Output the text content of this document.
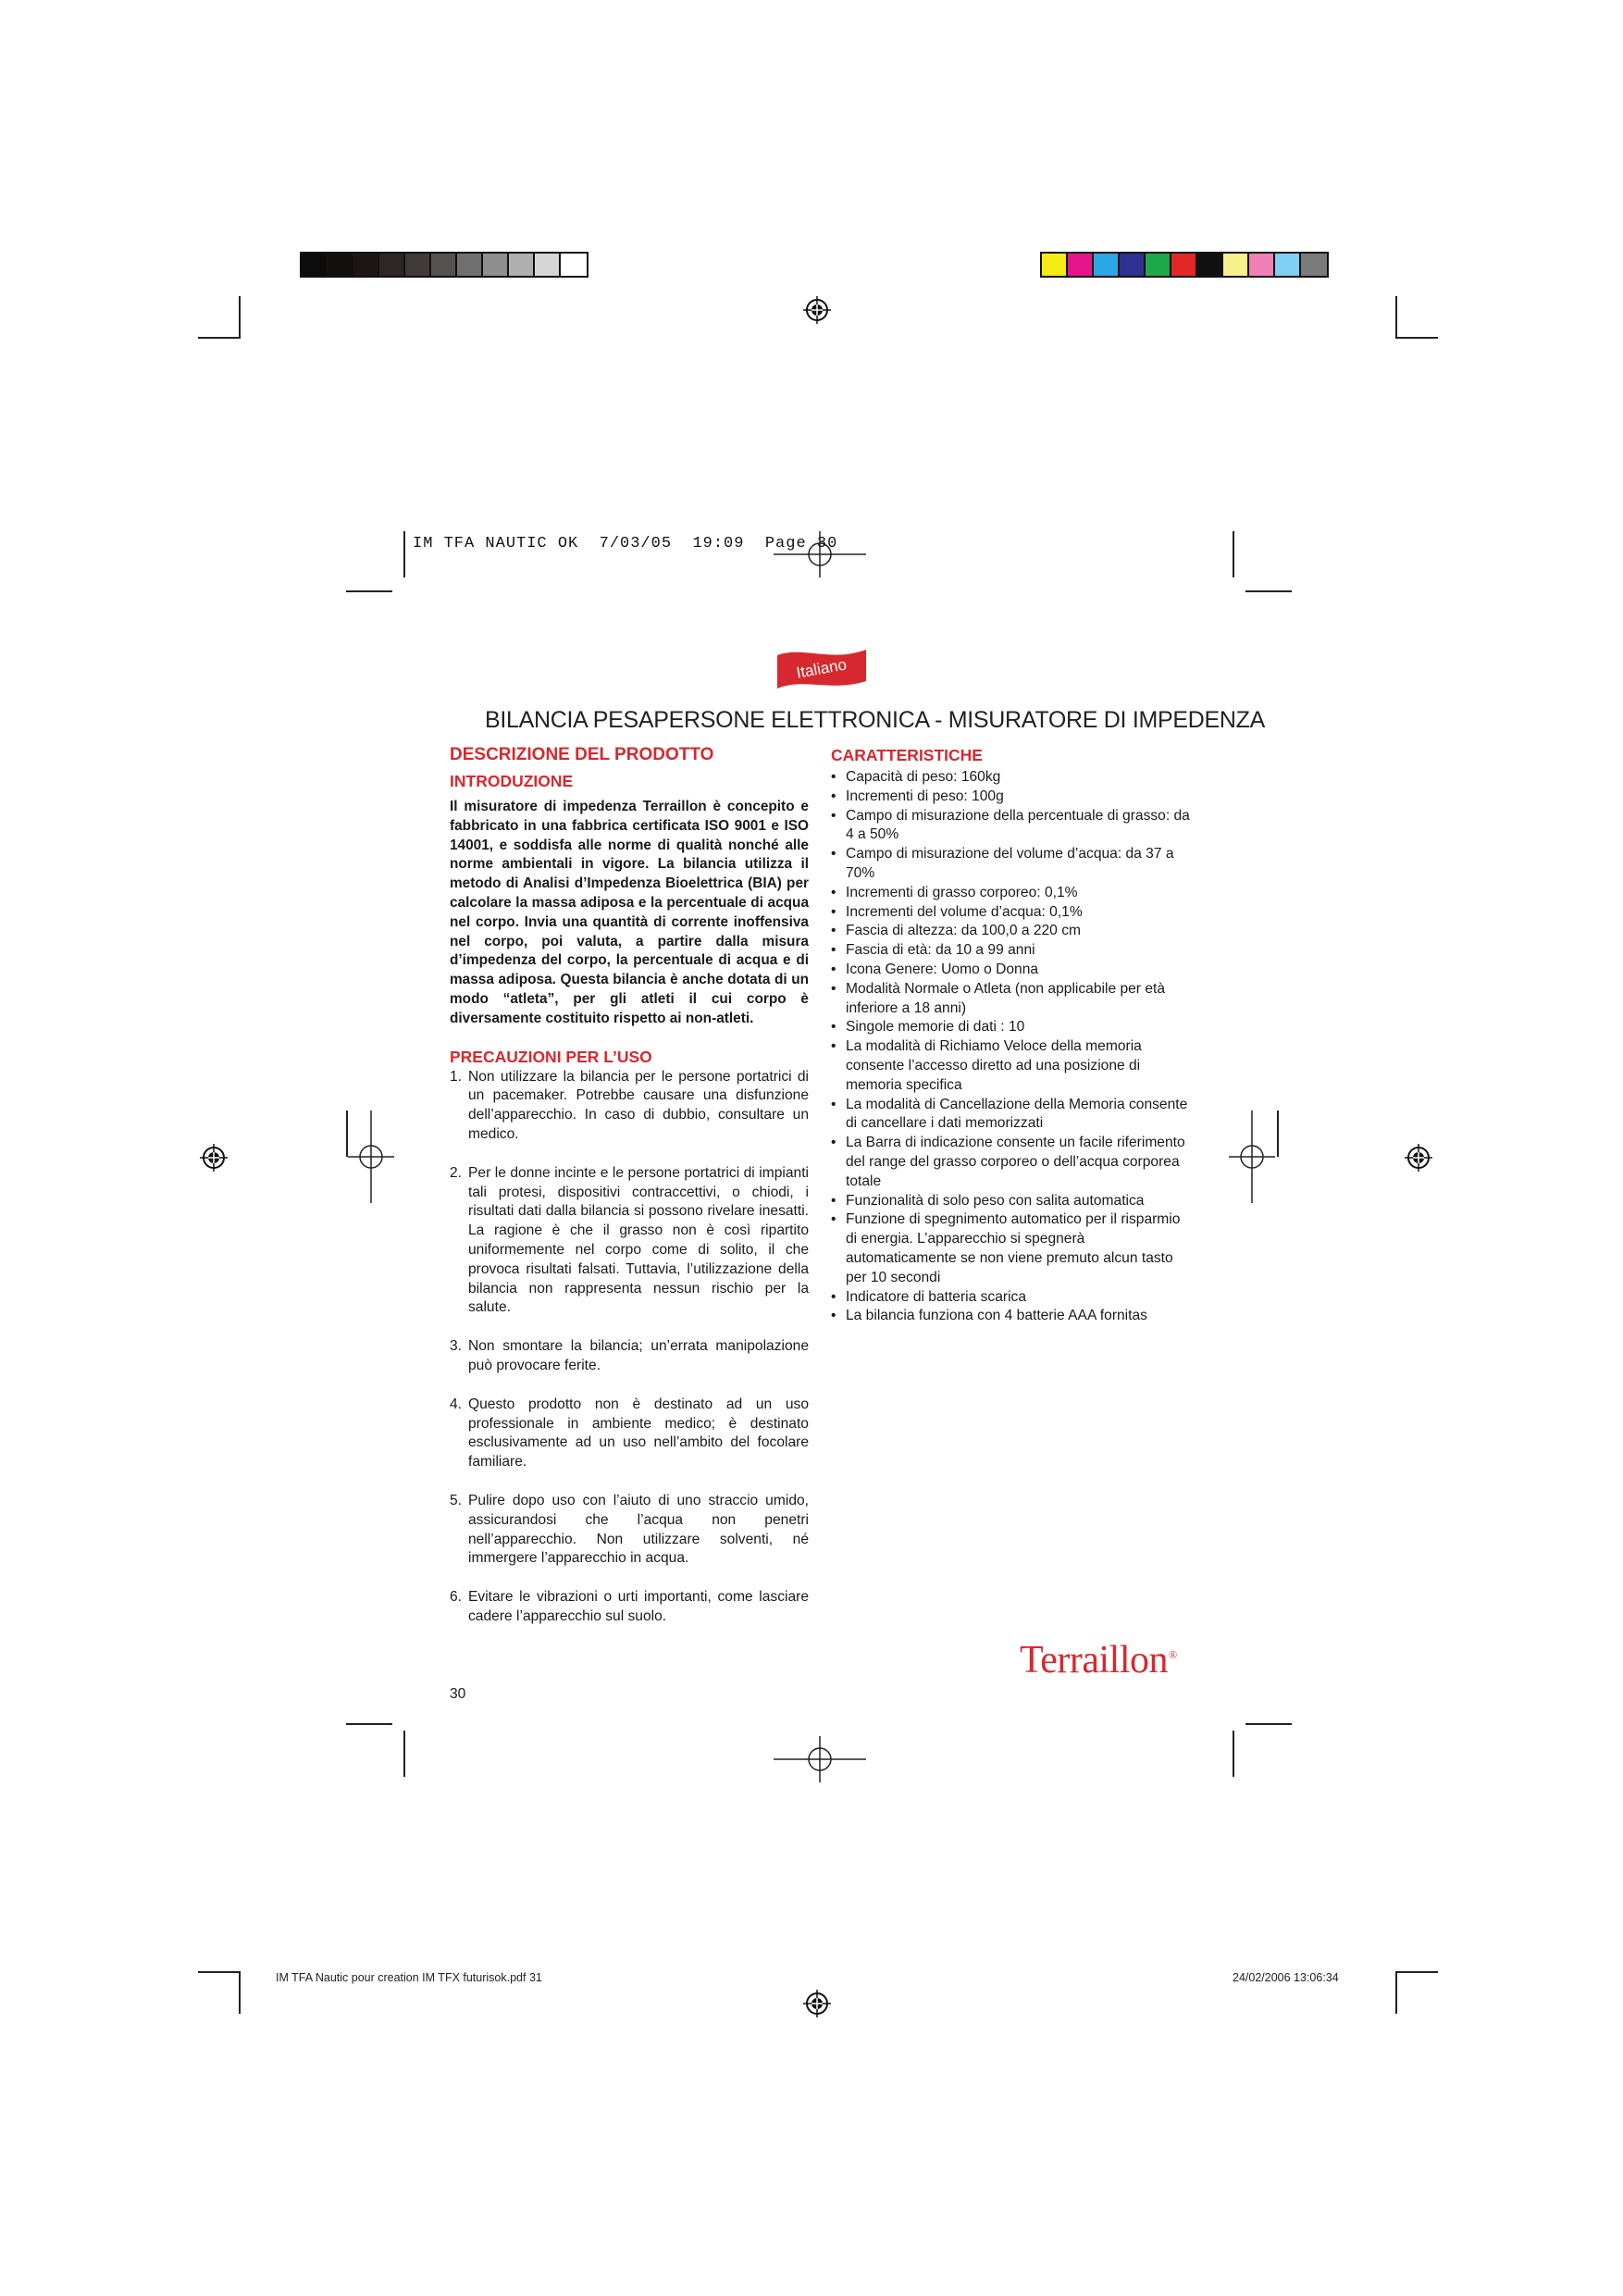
IM TFA NAUTIC OK  7/03/05  19:09  Page 30
Italiano
BILANCIA PESAPERSONE ELETTRONICA - MISURATORE DI IMPEDENZA
DESCRIZIONE DEL PRODOTTO
INTRODUZIONE

Il misuratore di impedenza Terraillon è concepito e fabbricato in una fabbrica certificata ISO 9001 e ISO 14001, e soddisfa alle norme di qualità nonché alle norme ambientali in vigore. La bilancia utilizza il metodo di Analisi d’Impedenza Bioelettrica (BIA) per calcolare la massa adiposa e la percentuale di acqua nel corpo. Invia una quantità di corrente inoffensiva nel corpo, poi valuta, a partire dalla misura d’impedenza del corpo, la percentuale di acqua e di massa adiposa. Questa bilancia è anche dotata di un modo “atleta”, per gli atleti il cui corpo è diversamente costituito rispetto ai non-atleti.

PRECAUZIONI PER L’USO
1. Non utilizzare la bilancia per le persone portatrici di un pacemaker. Potrebbe causare una disfunzione dell’apparecchio. In caso di dubbio, consultare un medico.
2. Per le donne incinte e le persone portatrici di impianti tali protesi, dispositivi contraccettivi, o chiodi, i risultati dati dalla bilancia si possono rivelare inesatti. La ragione è che il grasso non è così ripartito uniformemente nel corpo come di solito, il che provoca risultati falsati. Tuttavia, l’utilizzazione della bilancia non rappresenta nessun rischio per la salute.
3. Non smontare la bilancia; un’errata manipolazione può provocare ferite.
4. Questo prodotto non è destinato ad un uso professionale in ambiente medico; è destinato esclusivamente ad un uso nell’ambito del focolare familiare.
5. Pulire dopo uso con l’aiuto di uno straccio umido, assicurandosi che l’acqua non penetri nell’apparecchio. Non utilizzare solventi, né immergere l’apparecchio in acqua.
6. Evitare le vibrazioni o urti importanti, come lasciare cadere l’apparecchio sul suolo.
CARATTERISTICHE
• Capacità di peso: 160kg
• Incrementi di peso: 100g
• Campo di misurazione della percentuale di grasso: da 4 a 50%
• Campo di misurazione del volume d’acqua: da 37 a 70%
• Incrementi di grasso corporeo: 0,1%
• Incrementi del volume d’acqua: 0,1%
• Fascia di altezza: da 100,0 a 220 cm
• Fascia di età: da 10 a 99 anni
• Icona Genere: Uomo o Donna
• Modalità Normale o Atleta (non applicabile per età inferiore a 18 anni)
• Singole memorie di dati : 10
• La modalità di Richiamo Veloce della memoria consente l’accesso diretto ad una posizione di memoria specifica
• La modalità di Cancellazione della Memoria consente di cancellare i dati memorizzati
• La Barra di indicazione consente un facile riferimento del range del grasso corporeo o dell’acqua corporea totale
• Funzionalità di solo peso con salita automatica
• Funzione di spegnimento automatico per il risparmio di energia. L’apparecchio si spegnerà automaticamente se non viene premuto alcun tasto per 10 secondi
• Indicatore di batteria scarica
• La bilancia funziona con 4 batterie AAA fornitas
Terraillon®
30
IM TFA Nautic pour creation IM TFX futurisok.pdf 31	24/02/2006 13:06:34
